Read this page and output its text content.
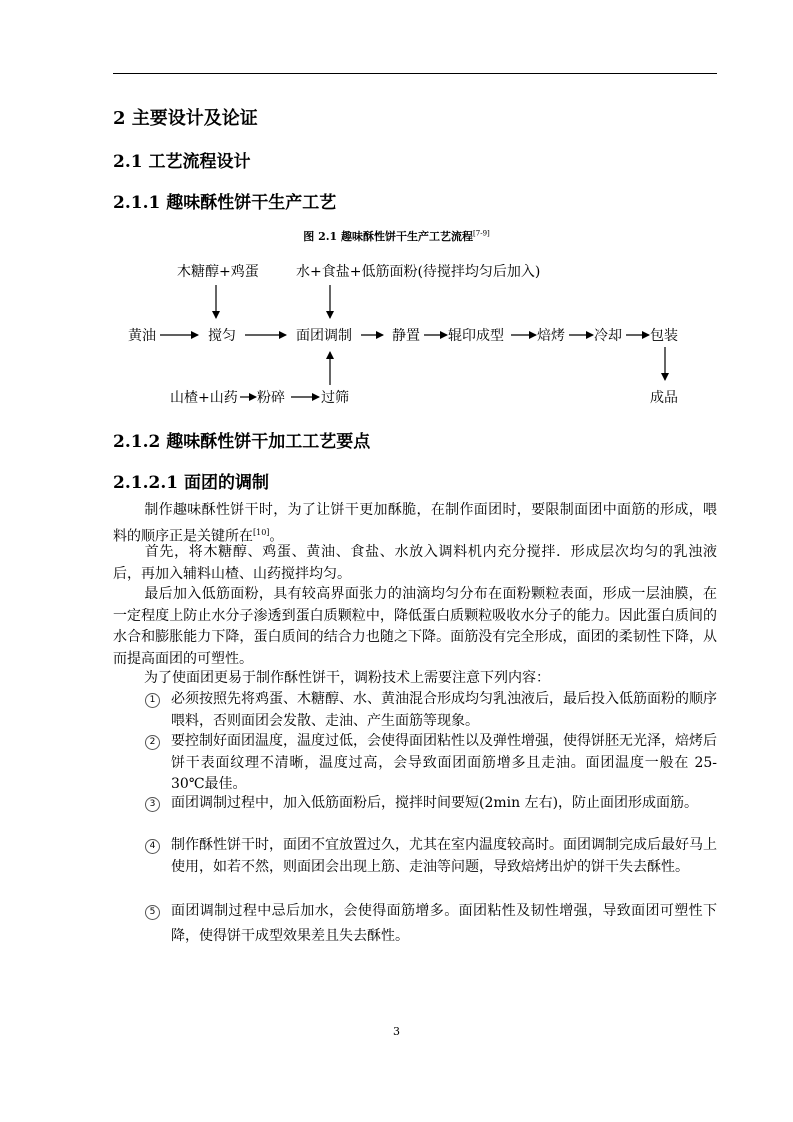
2 主要设计及论证
2.1 工艺流程设计
2.1.1 趣味酥性饼干生产工艺
图 2.1 趣味酥性饼干生产工艺流程[7-9]
木糖醇+鸡蛋	水+食盐+低筋面粉(待搅拌均匀后加入)
黄油	搅匀	面团调制	静置 辊印成型 焙烤 冷却 包装
山楂+山药 粉碎	过筛	成品
2.1.2 趣味酥性饼干加工工艺要点
2.1.2.1 面团的调制
制作趣味酥性饼干时，为了让饼干更加酥脆，在制作面团时，要限制面团中面筋的形成，喂料的顺序正是关键所在[10]。
首先，将木糖醇、鸡蛋、黄油、食盐、水放入调料机内充分搅拌．形成层次均匀的乳浊液后，再加入辅料山楂、山药搅拌均匀。
最后加入低筋面粉，具有较高界面张力的油滴均匀分布在面粉颗粒表面，形成一层油膜，在一定程度上防止水分子渗透到蛋白质颗粒中，降低蛋白质颗粒吸收水分子的能力。因此蛋白质间的水合和膨胀能力下降，蛋白质间的结合力也随之下降。面筋没有完全形成，面团的柔韧性下降，从而提高面团的可塑性。
为了使面团更易于制作酥性饼干，调粉技术上需要注意下列内容：
1	必须按照先将鸡蛋、木糖醇、水、黄油混合形成均匀乳浊液后，最后投入低筋面粉的顺序喂料，否则面团会发散、走油、产生面筋等现象。
2	要控制好面团温度，温度过低，会使得面团粘性以及弹性增强，使得饼胚无光泽，焙烤后饼干表面纹理不清晰，温度过高，会导致面团面筋增多且走油。面团温度一般在 25-30℃最佳。
3	面团调制过程中，加入低筋面粉后，搅拌时间要短(2min 左右)，防止面团形成面筋。
4	制作酥性饼干时，面团不宜放置过久，尤其在室内温度较高时。面团调制完成后最好马上使用，如若不然，则面团会出现上筋、走油等问题，导致焙烤出炉的饼干失去酥性。
5	面团调制过程中忌后加水，会使得面筋增多。面团粘性及韧性增强，导致面团可塑性下降，使得饼干成型效果差且失去酥性。
3
